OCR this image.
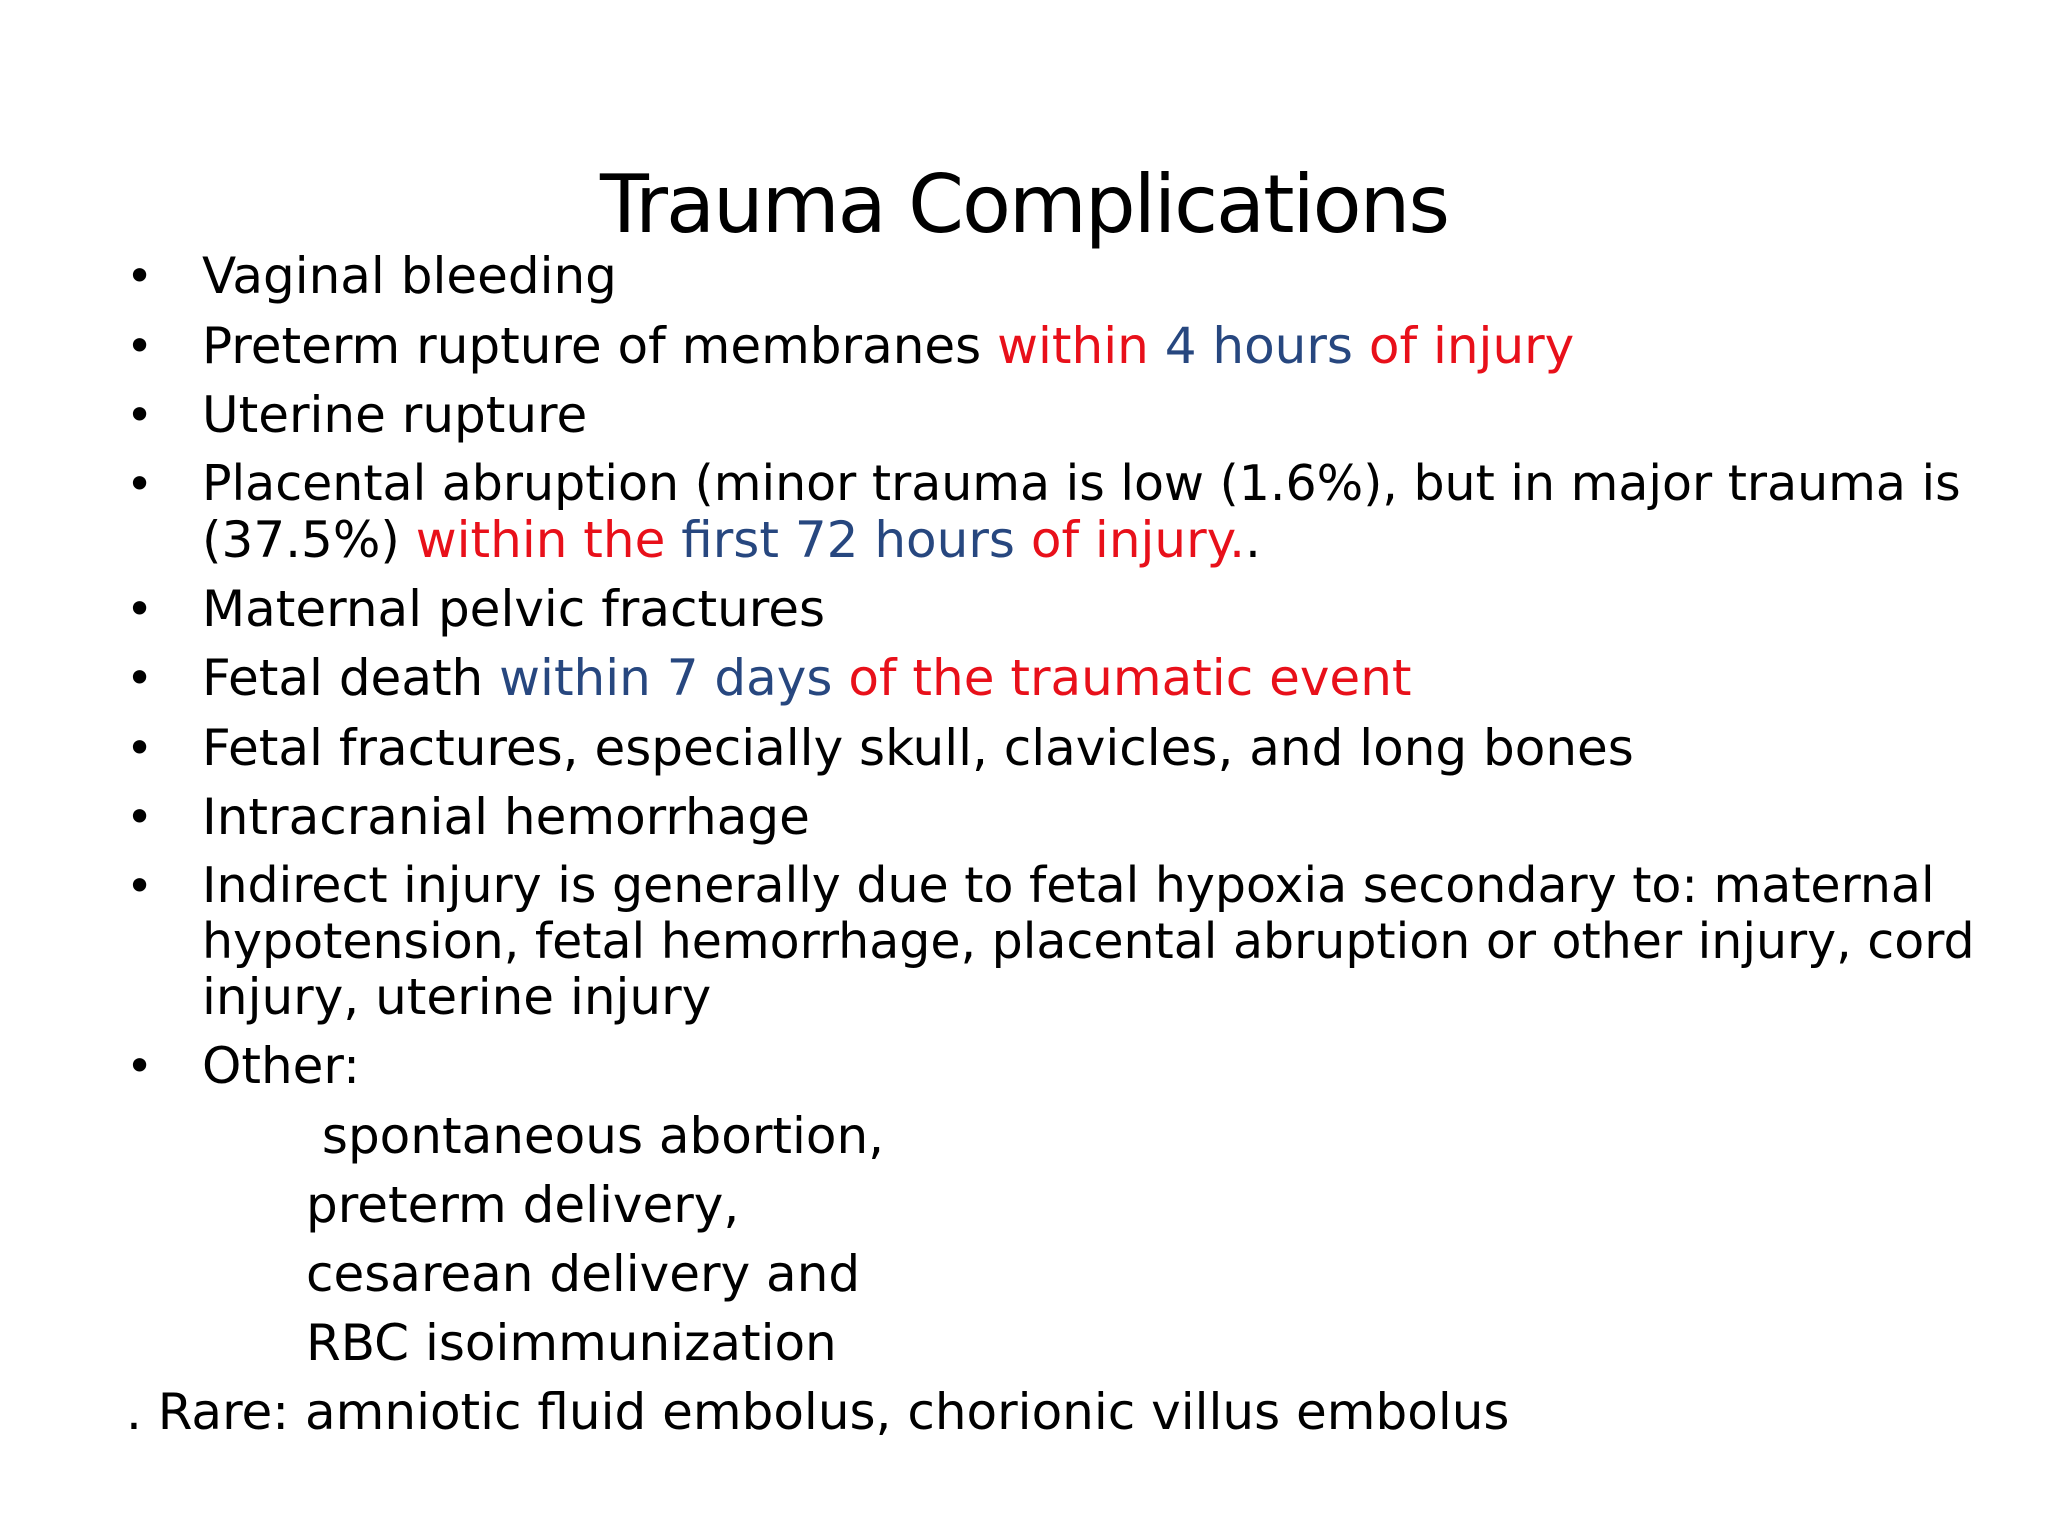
Trauma Complications
• Vaginal bleeding
• Preterm rupture of membranes within 4 hours of injury
• Uterine rupture
• Placental abruption (minor trauma is low (1.6%), but in major trauma is
(37.5%) within the first 72 hours of injury..
• Maternal pelvic fractures
• Fetal death within 7 days of the traumatic event
• Fetal fractures, especially skull, clavicles, and long bones
• Intracranial hemorrhage
• Indirect injury is generally due to fetal hypoxia secondary to: maternal
hypotension, fetal hemorrhage, placental abruption or other injury, cord
injury, uterine injury
• Other:
spontaneous abortion,
preterm delivery,
cesarean delivery and
RBC isoimmunization
. Rare: amniotic fluid embolus, chorionic villus embolus
